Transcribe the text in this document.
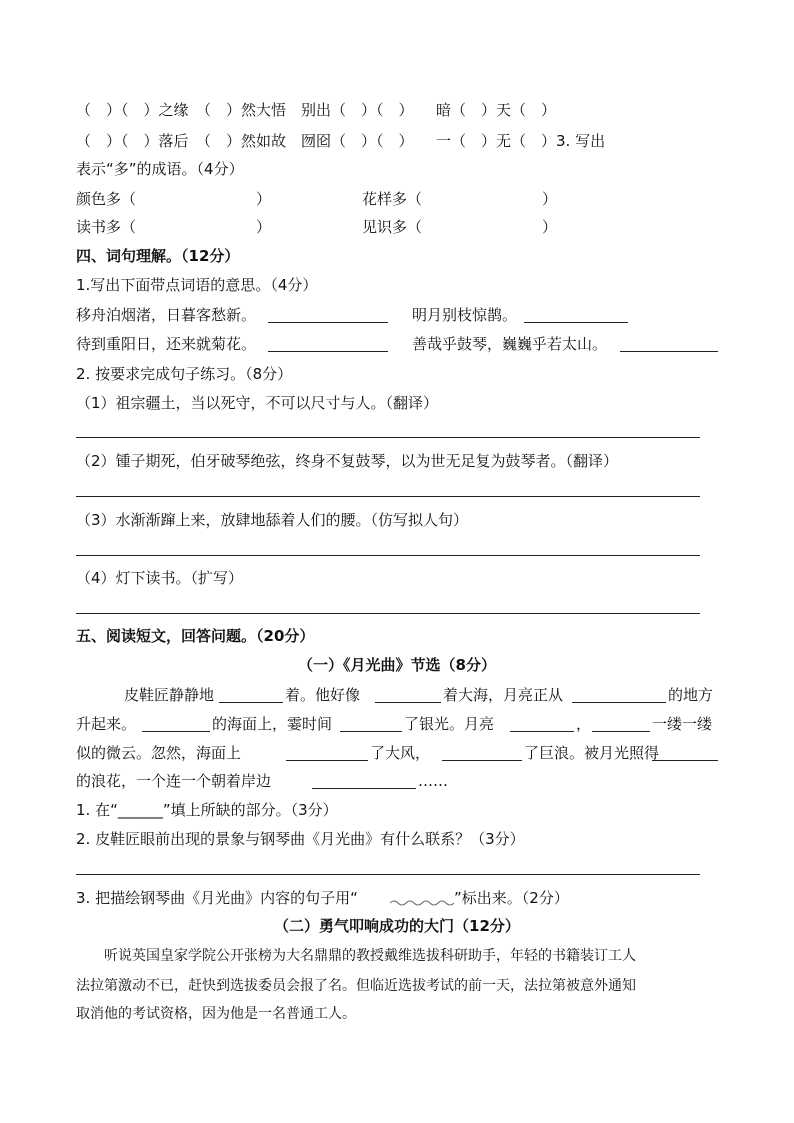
（　）（　）之缘　（　）然大悟　别出（　）（　）　　暗（　）天（　）
（　）（　）落后　（　）然如故　囫囵（　）（　）　　一（　）无（　）3. 写出
表示“多”的成语。（4分）
颜色多（　　　　　　　　）	花样多（　　　　　　　　）
读书多（　　　　　　　　）	见识多（　　　　　　　　）
四、词句理解。（12分）
1.写出下面带点词语的意思。（4分）
移舟泊烟渚，日暮客愁新。	明月别枝惊鹊。
待到重阳日，还来就菊花。	善哉乎鼓琴，巍巍乎若太山。
2. 按要求完成句子练习。（8分）
（1）祖宗疆土，当以死守，不可以尺寸与人。（翻译）
（2）锺子期死，伯牙破琴绝弦，终身不复鼓琴，以为世无足复为鼓琴者。（翻译）
（3）水渐渐蹿上来，放肆地舔着人们的腰。（仿写拟人句）
（4）灯下读书。（扩写）
五、阅读短文，回答问题。（20分）
（一）《月光曲》节选（8分）
皮鞋匠静静地	着。他好像	着大海，月亮正从	的地方
升起来。	的海面上，霎时间	了银光。月亮	，	一缕一缕
似的微云。忽然，海面上	了大风，	了巨浪。被月光照得
的浪花，一个连一个朝着岸边	……
1. 在“______”填上所缺的部分。（3分）
2. 皮鞋匠眼前出现的景象与钢琴曲《月光曲》有什么联系？（3分）
3. 把描绘钢琴曲《月光曲》内容的句子用“	”标出来。（2分）
（二）勇气叩响成功的大门（12分）
听说英国皇家学院公开张榜为大名鼎鼎的教授戴维选拔科研助手，年轻的书籍装订工人
法拉第激动不已，赶快到选拔委员会报了名。但临近选拔考试的前一天，法拉第被意外通知
取消他的考试资格，因为他是一名普通工人。
